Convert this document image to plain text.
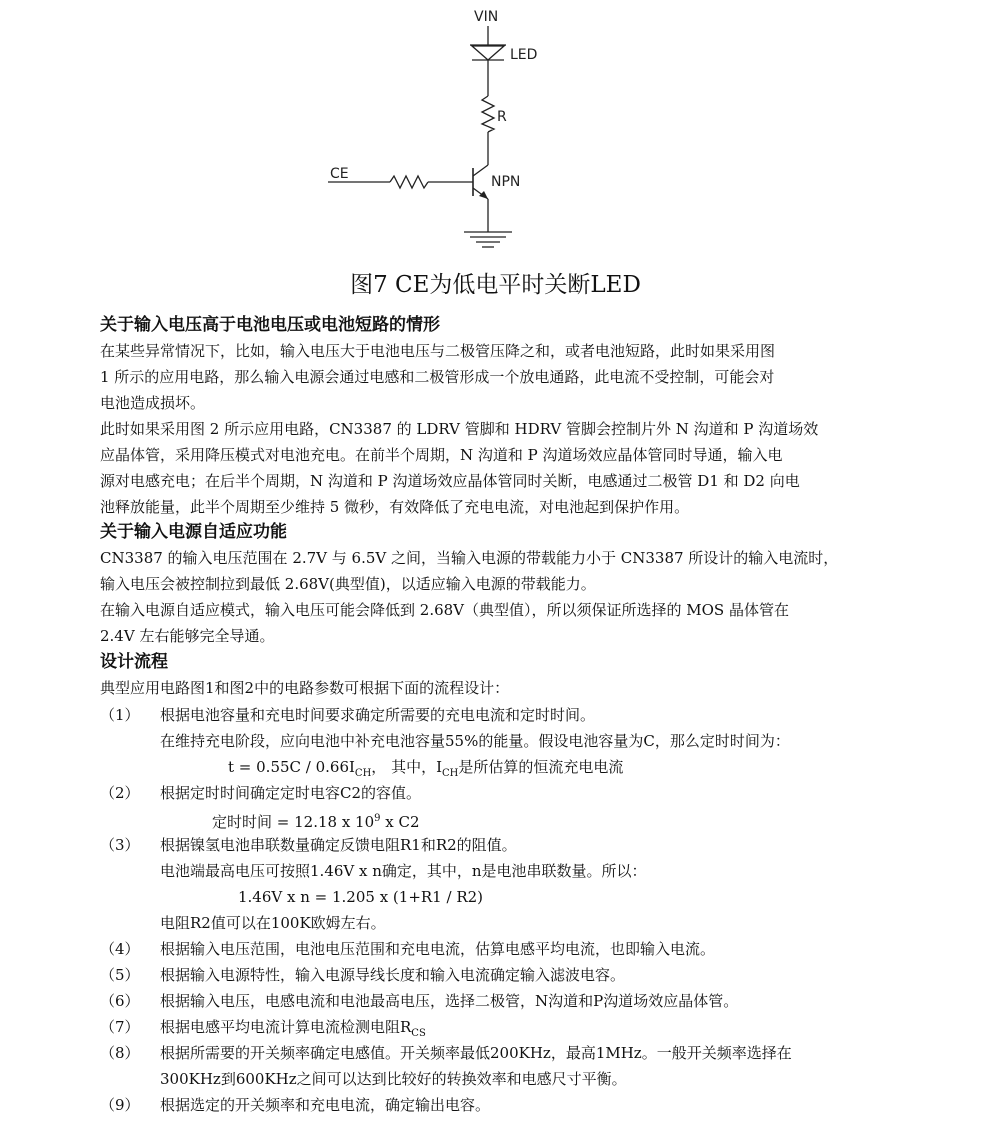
VIN
LED
R
NPN
CE
图7 CE为低电平时关断LED
关于输入电压高于电池电压或电池短路的情形
在某些异常情况下，比如，输入电压大于电池电压与二极管压降之和，或者电池短路，此时如果采用图
1 所示的应用电路，那么输入电源会通过电感和二极管形成一个放电通路，此电流不受控制，可能会对
电池造成损坏。
此时如果采用图 2 所示应用电路，CN3387 的 LDRV 管脚和 HDRV 管脚会控制片外 N 沟道和 P 沟道场效
应晶体管，采用降压模式对电池充电。在前半个周期，N 沟道和 P 沟道场效应晶体管同时导通，输入电
源对电感充电；在后半个周期，N 沟道和 P 沟道场效应晶体管同时关断，电感通过二极管 D1 和 D2 向电
池释放能量，此半个周期至少维持 5 微秒，有效降低了充电电流，对电池起到保护作用。
关于输入电源自适应功能
CN3387 的输入电压范围在 2.7V 与 6.5V 之间，当输入电源的带载能力小于 CN3387 所设计的输入电流时，
输入电压会被控制拉到最低 2.68V(典型值)，以适应输入电源的带载能力。
在输入电源自适应模式，输入电压可能会降低到 2.68V（典型值），所以须保证所选择的 MOS 晶体管在
2.4V 左右能够完全导通。
设计流程
典型应用电路图1和图2中的电路参数可根据下面的流程设计：
（1）	根据电池容量和充电时间要求确定所需要的充电电流和定时时间。
在维持充电阶段，应向电池中补充电池容量55%的能量。假设电池容量为C，那么定时时间为：
$t = 0.55C / 0.66I_{CH}$， 其中，$I_{CH}$是所估算的恒流充电电流
（2）	根据定时时间确定定时电容C2的容值。
定时时间 = 12.18 x $10^9$ x C2
（3）	根据镍氢电池串联数量确定反馈电阻R1和R2的阻值。
电池端最高电压可按照1.46V x n确定，其中，n是电池串联数量。所以：
1.46V x n = 1.205 x (1+R1 / R2)
电阻R2值可以在100K欧姆左右。
（4）	根据输入电压范围，电池电压范围和充电电流，估算电感平均电流，也即输入电流。
（5）	根据输入电源特性，输入电源导线长度和输入电流确定输入滤波电容。
（6）	根据输入电压，电感电流和电池最高电压，选择二极管，N沟道和P沟道场效应晶体管。
（7）	根据电感平均电流计算电流检测电阻$R_{CS}$
（8）	根据所需要的开关频率确定电感值。开关频率最低200KHz，最高1MHz。一般开关频率选择在
300KHz到600KHz之间可以达到比较好的转换效率和电感尺寸平衡。
（9）	根据选定的开关频率和充电电流，确定输出电容。
